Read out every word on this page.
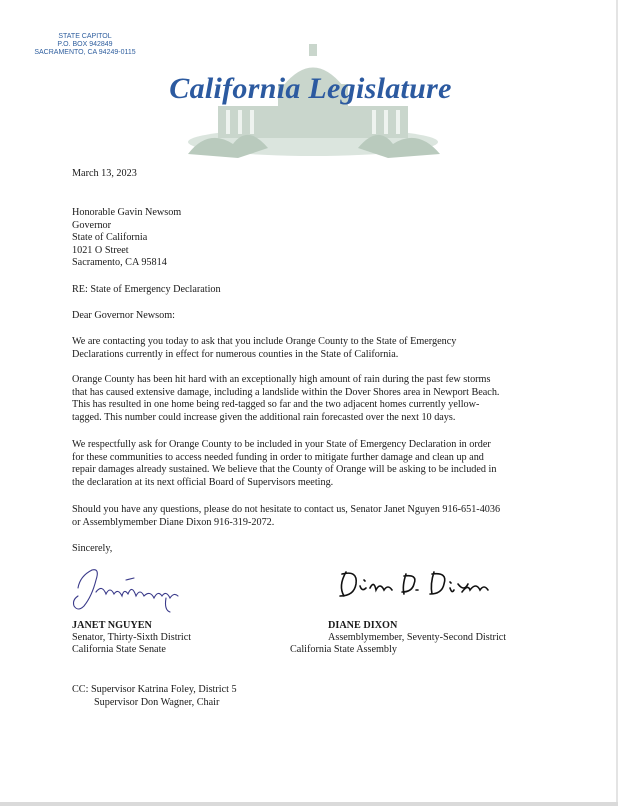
STATE CAPITOL
P.O. BOX 942849
SACRAMENTO, CA 94249-0115
California Legislature
March 13, 2023
Honorable Gavin Newsom
Governor
State of California
1021 O Street
Sacramento, CA 95814
RE: State of Emergency Declaration
Dear Governor Newsom:
We are contacting you today to ask that you include Orange County to the State of Emergency
Declarations currently in effect for numerous counties in the State of California.
Orange County has been hit hard with an exceptionally high amount of rain during the past few storms
that has caused extensive damage, including a landslide within the Dover Shores area in Newport Beach.
This has resulted in one home being red-tagged so far and the two adjacent homes currently yellow-
tagged. This number could increase given the additional rain forecasted over the next 10 days.
We respectfully ask for Orange County to be included in your State of Emergency Declaration in order
for these communities to access needed funding in order to mitigate further damage and clean up and
repair damages already sustained. We believe that the County of Orange will be asking to be included in
the declaration at its next official Board of Supervisors meeting.
Should you have any questions, please do not hesitate to contact us, Senator Janet Nguyen 916-651-4036
or Assemblymember Diane Dixon 916-319-2072.
Sincerely,
JANET NGUYEN
Senator, Thirty-Sixth District
California State Senate
DIANE DIXON
Assemblymember, Seventy-Second District
California State Assembly
CC: Supervisor Katrina Foley, District 5
Supervisor Don Wagner, Chair
